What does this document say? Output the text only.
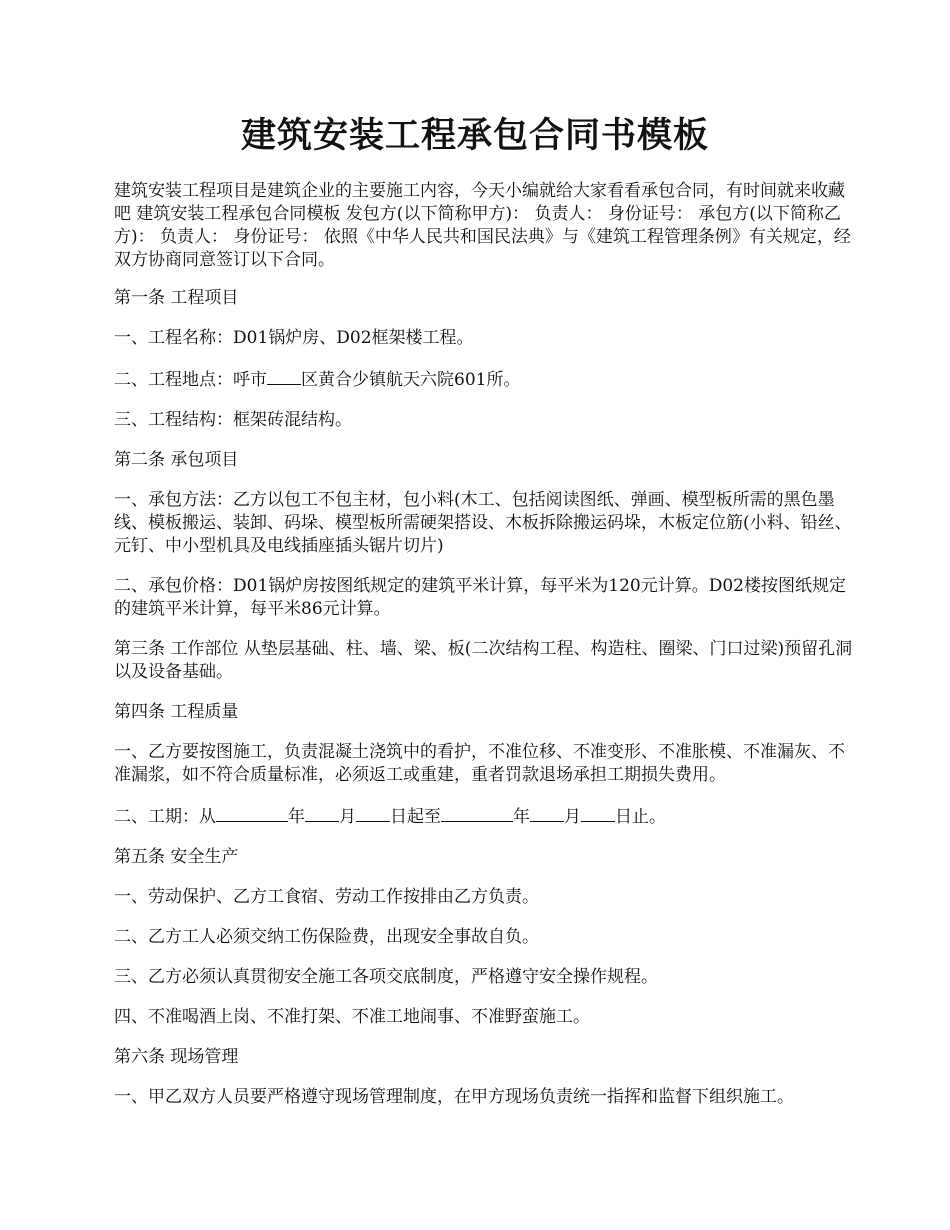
建筑安装工程承包合同书模板

建筑安装工程项目是建筑企业的主要施工内容，今天小编就给大家看看承包合同，有时间就来收藏吧 建筑安装工程承包合同模板 发包方(以下简称甲方)： 负责人： 身份证号： 承包方(以下简称乙方)： 负责人： 身份证号： 依照《中华人民共和国民法典》与《建筑工程管理条例》有关规定，经双方协商同意签订以下合同。

第一条 工程项目

一、工程名称：D01锅炉房、D02框架楼工程。

二、工程地点：呼市 区黄合少镇航天六院601所。

三、工程结构：框架砖混结构。

第二条 承包项目

一、承包方法：乙方以包工不包主材，包小料(木工、包括阅读图纸、弹画、模型板所需的黑色墨线、模板搬运、装卸、码垛、模型板所需硬架搭设、木板拆除搬运码垛，木板定位筋(小料、铅丝、元钉、中小型机具及电线插座插头锯片切片)

二、承包价格：D01锅炉房按图纸规定的建筑平米计算，每平米为120元计算。D02楼按图纸规定的建筑平米计算，每平米86元计算。

第三条 工作部位 从垫层基础、柱、墙、梁、板(二次结构工程、构造柱、圈梁、门口过梁)预留孔洞以及设备基础。

第四条 工程质量

一、乙方要按图施工，负责混凝土浇筑中的看护，不准位移、不准变形、不准胀模、不准漏灰、不准漏浆，如不符合质量标准，必须返工或重建，重者罚款退场承担工期损失费用。

二、工期：从	年 月 日起至	年 月 日止。

第五条 安全生产

一、劳动保护、乙方工食宿、劳动工作按排由乙方负责。

二、乙方工人必须交纳工伤保险费，出现安全事故自负。

三、乙方必须认真贯彻安全施工各项交底制度，严格遵守安全操作规程。

四、不准喝酒上岗、不准打架、不准工地闹事、不准野蛮施工。

第六条 现场管理

一、甲乙双方人员要严格遵守现场管理制度，在甲方现场负责统一指挥和监督下组织施工。
